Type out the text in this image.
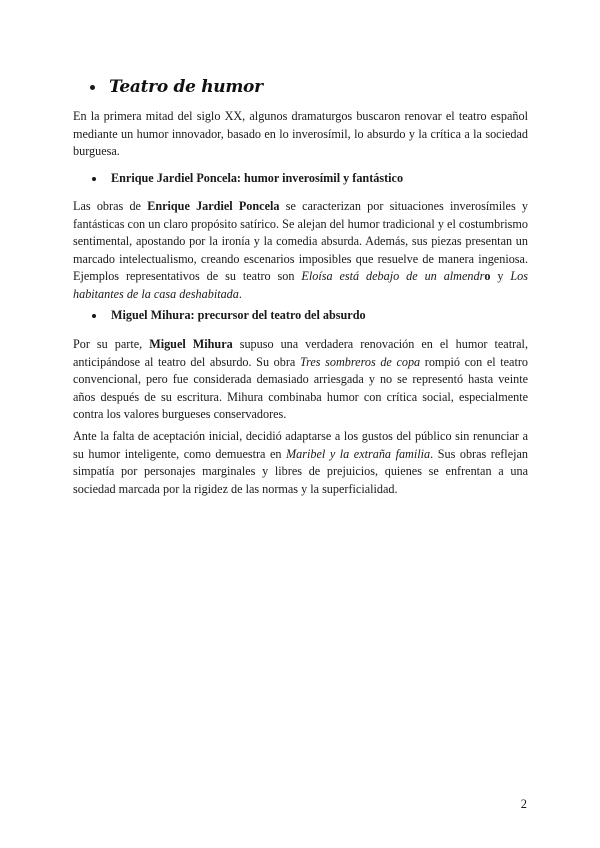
Teatro de humor

En la primera mitad del siglo XX, algunos dramaturgos buscaron renovar el teatro español mediante un humor innovador, basado en lo inverosímil, lo absurdo y la crítica a la sociedad burguesa.

Enrique Jardiel Poncela: humor inverosímil y fantástico

Las obras de Enrique Jardiel Poncela se caracterizan por situaciones inverosímiles y fantásticas con un claro propósito satírico. Se alejan del humor tradicional y el costumbrismo sentimental, apostando por la ironía y la comedia absurda. Además, sus piezas presentan un marcado intelectualismo, creando escenarios imposibles que resuelve de manera ingeniosa. Ejemplos representativos de su teatro son Eloísa está debajo de un almendro y Los habitantes de la casa deshabitada.

Miguel Mihura: precursor del teatro del absurdo

Por su parte, Miguel Mihura supuso una verdadera renovación en el humor teatral, anticipándose al teatro del absurdo. Su obra Tres sombreros de copa rompió con el teatro convencional, pero fue considerada demasiado arriesgada y no se representó hasta veinte años después de su escritura. Mihura combinaba humor con crítica social, especialmente contra los valores burgueses conservadores.

Ante la falta de aceptación inicial, decidió adaptarse a los gustos del público sin renunciar a su humor inteligente, como demuestra en Maribel y la extraña familia. Sus obras reflejan simpatía por personajes marginales y libres de prejuicios, quienes se enfrentan a una sociedad marcada por la rigidez de las normas y la superficialidad.

2
